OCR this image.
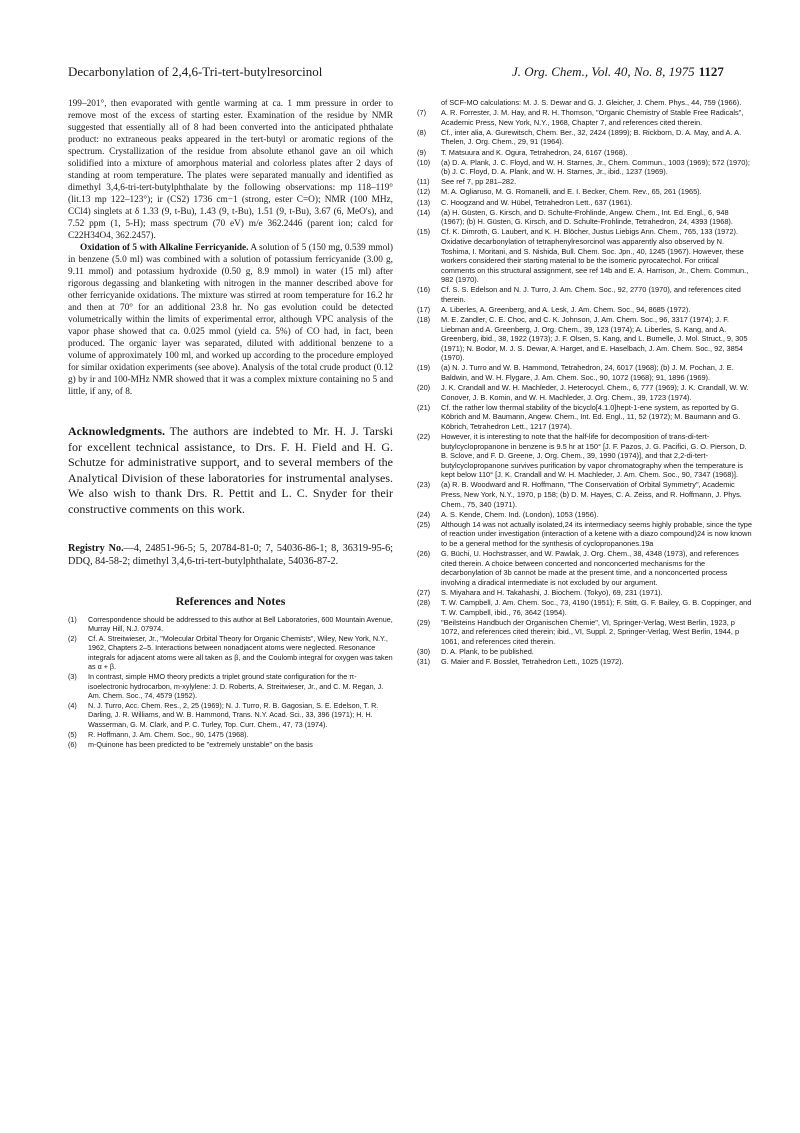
Decarbonylation of 2,4,6-Tri-tert-butylresorcinol	J. Org. Chem., Vol. 40, No. 8, 1975 1127

199–201°, then evaporated with gentle warming at ca. 1 mm pressure in order to remove most of the excess of starting ester. Examination of the residue by NMR suggested that essentially all of 8 had been converted into the anticipated phthalate product: no extraneous peaks appeared in the tert-butyl or aromatic regions of the spectrum. Crystallization of the residue from absolute ethanol gave an oil which solidified into a mixture of amorphous material and colorless plates after 2 days of standing at room temperature. The plates were separated manually and identified as dimethyl 3,4,6-tri-tert-butylphthalate by the following observations: mp 118–119° (lit.13 mp 122–123°); ir (CS2) 1736 cm−1 (strong, ester C=O); NMR (100 MHz, CCl4) singlets at δ 1.33 (9, t-Bu), 1.43 (9, t-Bu), 1.51 (9, t-Bu), 3.67 (6, MeO's), and 7.52 ppm (1, 5-H); mass spectrum (70 eV) m/e 362.2446 (parent ion; calcd for C22H34O4, 362.2457).

Oxidation of 5 with Alkaline Ferricyanide. A solution of 5 (150 mg, 0.539 mmol) in benzene (5.0 ml) was combined with a solution of potassium ferricyanide (3.00 g, 9.11 mmol) and potassium hydroxide (0.50 g, 8.9 mmol) in water (15 ml) after rigorous degassing and blanketing with nitrogen in the manner described above for other ferricyanide oxidations. The mixture was stirred at room temperature for 16.2 hr and then at 70° for an additional 23.8 hr. No gas evolution could be detected volumetrically within the limits of experimental error, although VPC analysis of the vapor phase showed that ca. 0.025 mmol (yield ca. 5%) of CO had, in fact, been produced. The organic layer was separated, diluted with additional benzene to a volume of approximately 100 ml, and worked up according to the procedure employed for similar oxidation experiments (see above). Analysis of the total crude product (0.12 g) by ir and 100-MHz NMR showed that it was a complex mixture containing no 5 and little, if any, of 8.

Acknowledgments. The authors are indebted to Mr. H. J. Tarski for excellent technical assistance, to Drs. F. H. Field and H. G. Schutze for administrative support, and to several members of the Analytical Division of these laboratories for instrumental analyses. We also wish to thank Drs. R. Pettit and L. C. Snyder for their constructive comments on this work.

Registry No.—4, 24851-96-5; 5, 20784-81-0; 7, 54036-86-1; 8, 36319-95-6; DDQ, 84-58-2; dimethyl 3,4,6-tri-tert-butylphthalate, 54036-87-2.

References and Notes
(1)	Correspondence should be addressed to this author at Bell Laboratories, 600 Mountain Avenue, Murray Hill, N.J. 07974.
(2)	Cf. A. Streitwieser, Jr., "Molecular Orbital Theory for Organic Chemists", Wiley, New York, N.Y., 1962, Chapters 2–5. Interactions between nonadjacent atoms were neglected. Resonance integrals for adjacent atoms were all taken as β, and the Coulomb integral for oxygen was taken as α + β.
(3)	In contrast, simple HMO theory predicts a triplet ground state configuration for the π-isoelectronic hydrocarbon, m-xylylene: J. D. Roberts, A. Streitwieser, Jr., and C. M. Regan, J. Am. Chem. Soc., 74, 4579 (1952).
(4)	N. J. Turro, Acc. Chem. Res., 2, 25 (1969); N. J. Turro, R. B. Gagosian, S. E. Edelson, T. R. Darling, J. R. Williams, and W. B. Hammond, Trans. N.Y. Acad. Sci., 33, 396 (1971); H. H. Wasserman, G. M. Clark, and P. C. Turley, Top. Curr. Chem., 47, 73 (1974).
(5)	R. Hoffmann, J. Am. Chem. Soc., 90, 1475 (1968).
(6)	m-Quinone has been predicted to be "extremely unstable" on the basis
of SCF-MO calculations: M. J. S. Dewar and G. J. Gleicher, J. Chem. Phys., 44, 759 (1966).
(7)	A. R. Forrester, J. M. Hay, and R. H. Thomson, "Organic Chemistry of Stable Free Radicals", Academic Press, New York, N.Y., 1968, Chapter 7, and references cited therein.
(8)	Cf., inter alia, A. Gurewitsch, Chem. Ber., 32, 2424 (1899); B. Rickborn, D. A. May, and A. A. Thelen, J. Org. Chem., 29, 91 (1964).
(9)	T. Matsuura and K. Ogura, Tetrahedron, 24, 6167 (1968).
(10)	(a) D. A. Plank, J. C. Floyd, and W. H. Starnes, Jr., Chem. Commun., 1003 (1969); 572 (1970); (b) J. C. Floyd, D. A. Plank, and W. H. Starnes, Jr., ibid., 1237 (1969).
(11)	See ref 7, pp 281–282.
(12)	M. A. Ogliaruso, M. G. Romanelli, and E. I. Becker, Chem. Rev., 65, 261 (1965).
(13)	C. Hoogzand and W. Hübel, Tetrahedron Lett., 637 (1961).
(14)	(a) H. Güsten, G. Kirsch, and D. Schulte-Frohlinde, Angew. Chem., Int. Ed. Engl., 6, 948 (1967); (b) H. Güsten, G. Kirsch, and D. Schulte-Frohlinde, Tetrahedron, 24, 4393 (1968).
(15)	Cf. K. Dimroth, G. Laubert, and K. H. Blöcher, Justus Liebigs Ann. Chem., 765, 133 (1972). Oxidative decarbonylation of tetraphenylresorcinol was apparently also observed by N. Toshima, I. Moritani, and S. Nishida, Bull. Chem. Soc. Jpn., 40, 1245 (1967). However, these workers considered their starting material to be the isomeric pyrocatechol. For critical comments on this structural assignment, see ref 14b and E. A. Harrison, Jr., Chem. Commun., 982 (1970).
(16)	Cf. S. S. Edelson and N. J. Turro, J. Am. Chem. Soc., 92, 2770 (1970), and references cited therein.
(17)	A. Liberles, A. Greenberg, and A. Lesk, J. Am. Chem. Soc., 94, 8685 (1972).
(18)	M. E. Zandler, C. E. Choc, and C. K. Johnson, J. Am. Chem. Soc., 96, 3317 (1974); J. F. Liebman and A. Greenberg, J. Org. Chem., 39, 123 (1974); A. Liberles, S. Kang, and A. Greenberg, ibid., 38, 1922 (1973); J. F. Olsen, S. Kang, and L. Burnelle, J. Mol. Struct., 9, 305 (1971); N. Bodor, M. J. S. Dewar, A. Harget, and E. Haselbach, J. Am. Chem. Soc., 92, 3854 (1970).
(19)	(a) N. J. Turro and W. B. Hammond, Tetrahedron, 24, 6017 (1968); (b) J. M. Pochan, J. E. Baldwin, and W. H. Flygare, J. Am. Chem. Soc., 90, 1072 (1968); 91, 1896 (1969).
(20)	J. K. Crandall and W. H. Machleder, J. Heterocycl. Chem., 6, 777 (1969); J. K. Crandall, W. W. Conover, J. B. Komin, and W. H. Machleder, J. Org. Chem., 39, 1723 (1974).
(21)	Cf. the rather low thermal stability of the bicyclo[4.1.0]hept-1-ene system, as reported by G. Köbrich and M. Baumann, Angew. Chem., Int. Ed. Engl., 11, 52 (1972); M. Baumann and G. Köbrich, Tetrahedron Lett., 1217 (1974).
(22)	However, it is interesting to note that the half-life for decomposition of trans-di-tert-butylcyclopropanone in benzene is 9.5 hr at 150° [J. F. Pazos, J. G. Pacifici, G. O. Pierson, D. B. Sclove, and F. D. Greene, J. Org. Chem., 39, 1990 (1974)], and that 2,2-di-tert-butylcyclopropanone survives purification by vapor chromatography when the temperature is kept below 110° [J. K. Crandall and W. H. Machleder, J. Am. Chem. Soc., 90, 7347 (1968)].
(23)	(a) R. B. Woodward and R. Hoffmann, "The Conservation of Orbital Symmetry", Academic Press, New York, N.Y., 1970, p 158; (b) D. M. Hayes, C. A. Zeiss, and R. Hoffmann, J. Phys. Chem., 75, 340 (1971).
(24)	A. S. Kende, Chem. Ind. (London), 1053 (1956).
(25)	Although 14 was not actually isolated,24 its intermediacy seems highly probable, since the type of reaction under investigation (interaction of a ketene with a diazo compound)24 is now known to be a general method for the synthesis of cyclopropanones.19a
(26)	G. Büchi, U. Hochstrasser, and W. Pawlak, J. Org. Chem., 38, 4348 (1973), and references cited therein. A choice between concerted and nonconcerted mechanisms for the decarbonylation of 3b cannot be made at the present time, and a nonconcerted process involving a diradical intermediate is not excluded by our argument.
(27)	S. Miyahara and H. Takahashi, J. Biochem. (Tokyo), 69, 231 (1971).
(28)	T. W. Campbell, J. Am. Chem. Soc., 73, 4190 (1951); F. Stitt, G. F. Bailey, G. B. Coppinger, and T. W. Campbell, ibid., 76, 3642 (1954).
(29)	"Beilsteins Handbuch der Organischen Chemie", VI, Springer-Verlag, West Berlin, 1923, p 1072, and references cited therein; ibid., VI, Suppl. 2, Springer-Verlag, West Berlin, 1944, p 1061, and references cited therein.
(30)	D. A. Plank, to be published.
(31)	G. Maier and F. Bosslet, Tetrahedron Lett., 1025 (1972).
